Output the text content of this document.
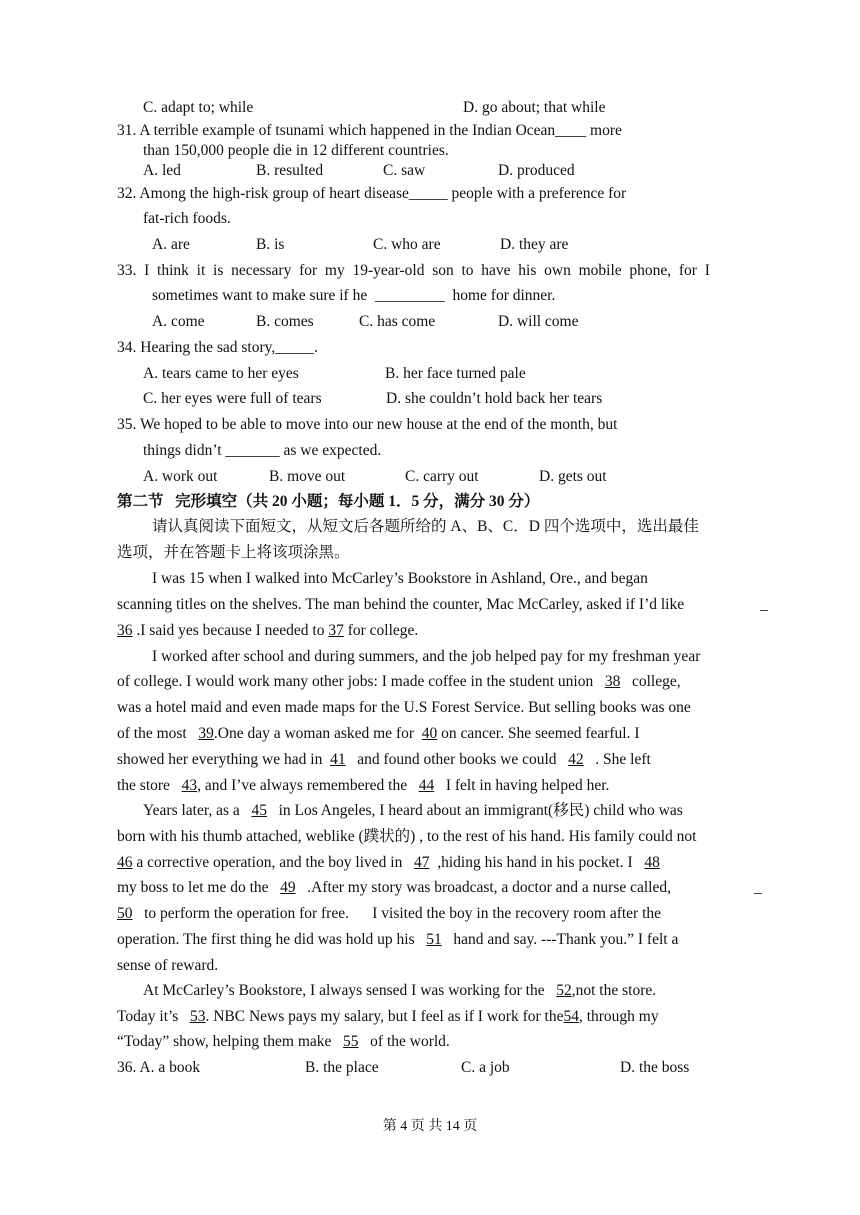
C. adapt to; while	D. go about; that while
31. A terrible example of tsunami which happened in the Indian Ocean____ more
than 150,000 people die in 12 different countries.
A. led	B. resulted	C. saw	D. produced
32. Among the high-risk group of heart disease_____ people with a preference for
fat-rich foods.
A. are	B. is	C. who are	D. they are
33.  I  think  it  is  necessary  for  my  19-year-old  son  to  have  his  own  mobile  phone,  for  I
sometimes want to make sure if he  _________  home for dinner.
A. come	B. comes	C. has come	D. will come
34. Hearing the sad story,_____.
A. tears came to her eyes	B. her face turned pale
C. her eyes were full of tears	D. she couldn’t hold back her tears
35. We hoped to be able to move into our new house at the end of the month, but
things didn’t _______ as we expected.
A. work out	B. move out	C. carry out	D. gets out
第二节   完形填空（共 20 小题；每小题 1．5 分，满分 30 分）
请认真阅读下面短文，从短文后各题所给的 A、B、C．D 四个选项中，选出最佳
选项，并在答题卡上将该项涂黑。
I was 15 when I walked into McCarley’s Bookstore in Ashland, Ore., and began
scanning titles on the shelves. The man behind the counter, Mac McCarley, asked if I’d like	_
36 .I said yes because I needed to 37 for college.
I worked after school and during summers, and the job helped pay for my freshman year
of college. I would work many other jobs: I made coffee in the student union 38 college,
was a hotel maid and even made maps for the U.S Forest Service. But selling books was one
of the most 39.One day a woman asked me for 40 on cancer. She seemed fearful. I
showed her everything we had in 41 and found other books we could 42 . She left
the store 43, and I’ve always remembered the 44 I felt in having helped her.
Years later, as a 45 in Los Angeles, I heard about an immigrant(移民) child who was
born with his thumb attached, weblike (蹼状的) , to the rest of his hand. His family could not
46 a corrective operation, and the boy lived in 47 ,hiding his hand in his pocket. I 48
my boss to let me do the 49 .After my story was broadcast, a doctor and a nurse called,	_
50 to perform the operation for free.      I visited the boy in the recovery room after the
operation. The first thing he did was hold up his 51 hand and say. ---Thank you.” I felt a
sense of reward.
At McCarley’s Bookstore, I always sensed I was working for the 52,not the store.
Today it’s 53. NBC News pays my salary, but I feel as if I work for the54, through my
“Today” show, helping them make 55 of the world.
36. A. a book	B. the place	C. a job	D. the boss
第 4 页 共 14 页
